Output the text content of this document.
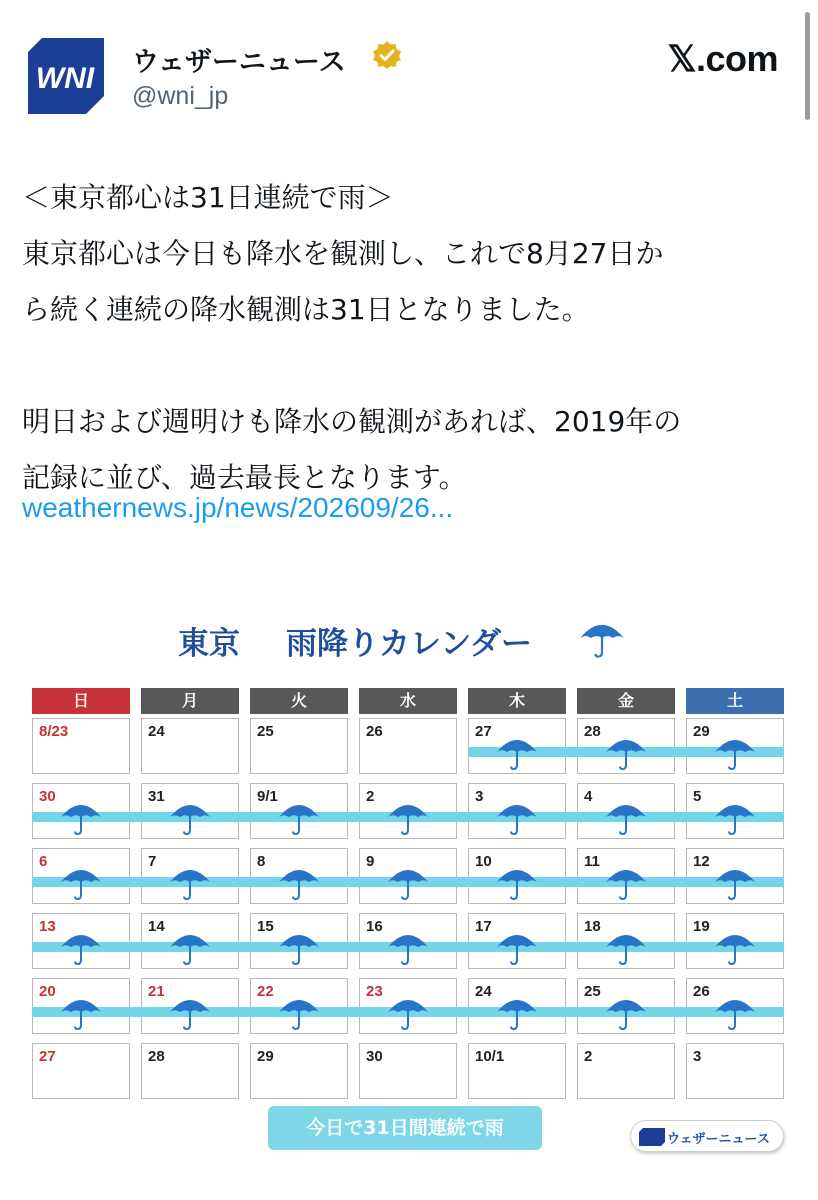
WNI ウェザーニュース
@wni_jp
𝕏.com

＜東京都心は31日連続で雨＞

東京都心は今日も降水を観測し、これで8月27日か

ら続く連続の降水観測は31日となりました。

明日および週明けも降水の観測があれば、2019年の

記録に並び、過去最長となります。

weathernews.jp/news/202609/26...
東京 雨降りカレンダー
日	月	火	水	木	金	土
8/23	24	25	26	27	28	29
30	31	9/1	2	3	4	5
6	7	8	9	10	11	12
13	14	15	16	17	18	19
20	21	22	23	24	25	26
27	28	29	30	10/1	2	3
今日で31日間連続で雨
ウェザーニュース
